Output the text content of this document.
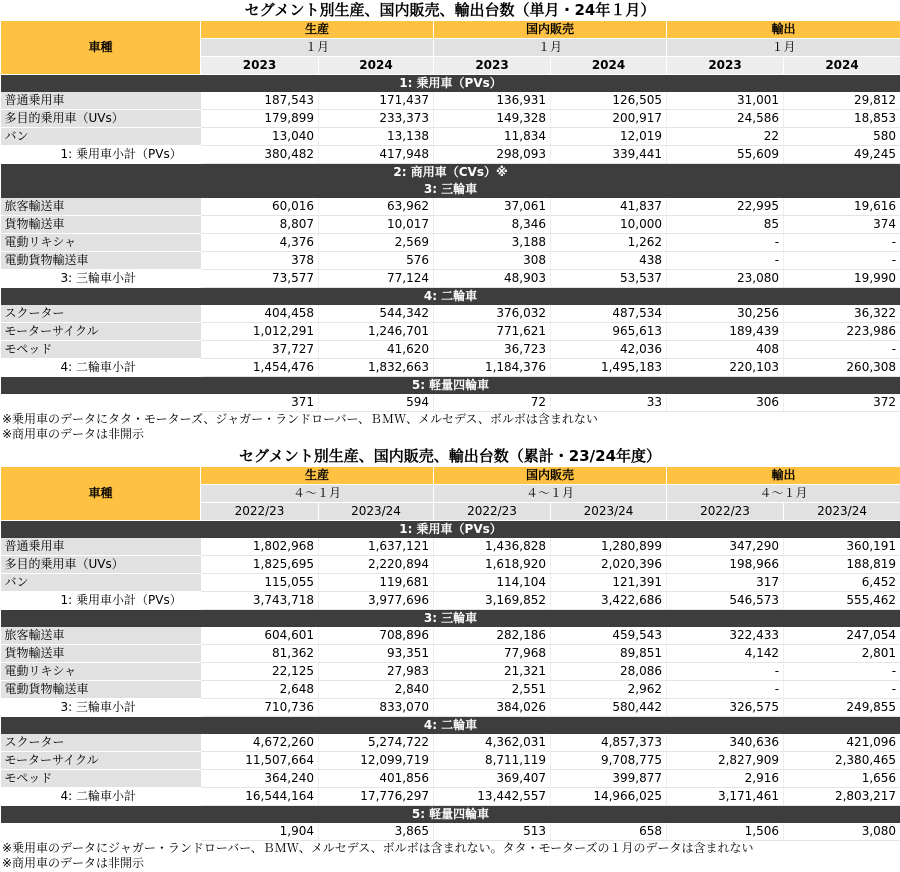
セグメント別生産、国内販売、輸出台数（単月・24年１月）
車種	生産		国内販売		輸出	
	１月		１月		１月	
	2023	2024	2023	2024	2023	2024
1: 乗用車（PVs）						
普通乗用車	187,543	171,437	136,931	126,505	31,001	29,812
多目的乗用車（UVs）	179,899	233,373	149,328	200,917	24,586	18,853
バン	13,040	13,138	11,834	12,019	22	580
1: 乗用車小計（PVs）	380,482	417,948	298,093	339,441	55,609	49,245
2: 商用車（CVs）※						
3: 三輪車						
旅客輸送車	60,016	63,962	37,061	41,837	22,995	19,616
貨物輸送車	8,807	10,017	8,346	10,000	85	374
電動リキシャ	4,376	2,569	3,188	1,262	-	-
電動貨物輸送車	378	576	308	438	-	-
3: 三輪車小計	73,577	77,124	48,903	53,537	23,080	19,990
4: 二輪車						
スクーター	404,458	544,342	376,032	487,534	30,256	36,322
モーターサイクル	1,012,291	1,246,701	771,621	965,613	189,439	223,986
モペッド	37,727	41,620	36,723	42,036	408	-
4: 二輪車小計	1,454,476	1,832,663	1,184,376	1,495,183	220,103	260,308
5: 軽量四輪車						
	371	594	72	33	306	372
※乗用車のデータにタタ・モーターズ、ジャガー・ランドローバー、ＢＭＷ、メルセデス、ボルボは含まれない
※商用車のデータは非開示
セグメント別生産、国内販売、輸出台数（累計・23/24年度）
車種	生産		国内販売		輸出	
	４～１月		４～１月		４～１月	
	2022/23	2023/24	2022/23	2023/24	2022/23	2023/24
1: 乗用車（PVs）						
普通乗用車	1,802,968	1,637,121	1,436,828	1,280,899	347,290	360,191
多目的乗用車（UVs）	1,825,695	2,220,894	1,618,920	2,020,396	198,966	188,819
バン	115,055	119,681	114,104	121,391	317	6,452
1: 乗用車小計（PVs）	3,743,718	3,977,696	3,169,852	3,422,686	546,573	555,462
3: 三輪車						
旅客輸送車	604,601	708,896	282,186	459,543	322,433	247,054
貨物輸送車	81,362	93,351	77,968	89,851	4,142	2,801
電動リキシャ	22,125	27,983	21,321	28,086	-	-
電動貨物輸送車	2,648	2,840	2,551	2,962	-	-
3: 三輪車小計	710,736	833,070	384,026	580,442	326,575	249,855
4: 二輪車						
スクーター	4,672,260	5,274,722	4,362,031	4,857,373	340,636	421,096
モーターサイクル	11,507,664	12,099,719	8,711,119	9,708,775	2,827,909	2,380,465
モペッド	364,240	401,856	369,407	399,877	2,916	1,656
4: 二輪車小計	16,544,164	17,776,297	13,442,557	14,966,025	3,171,461	2,803,217
5: 軽量四輪車						
	1,904	3,865	513	658	1,506	3,080
※乗用車のデータにジャガー・ランドローバー、ＢＭＷ、メルセデス、ボルボは含まれない。タタ・モーターズの１月のデータは含まれない
※商用車のデータは非開示
